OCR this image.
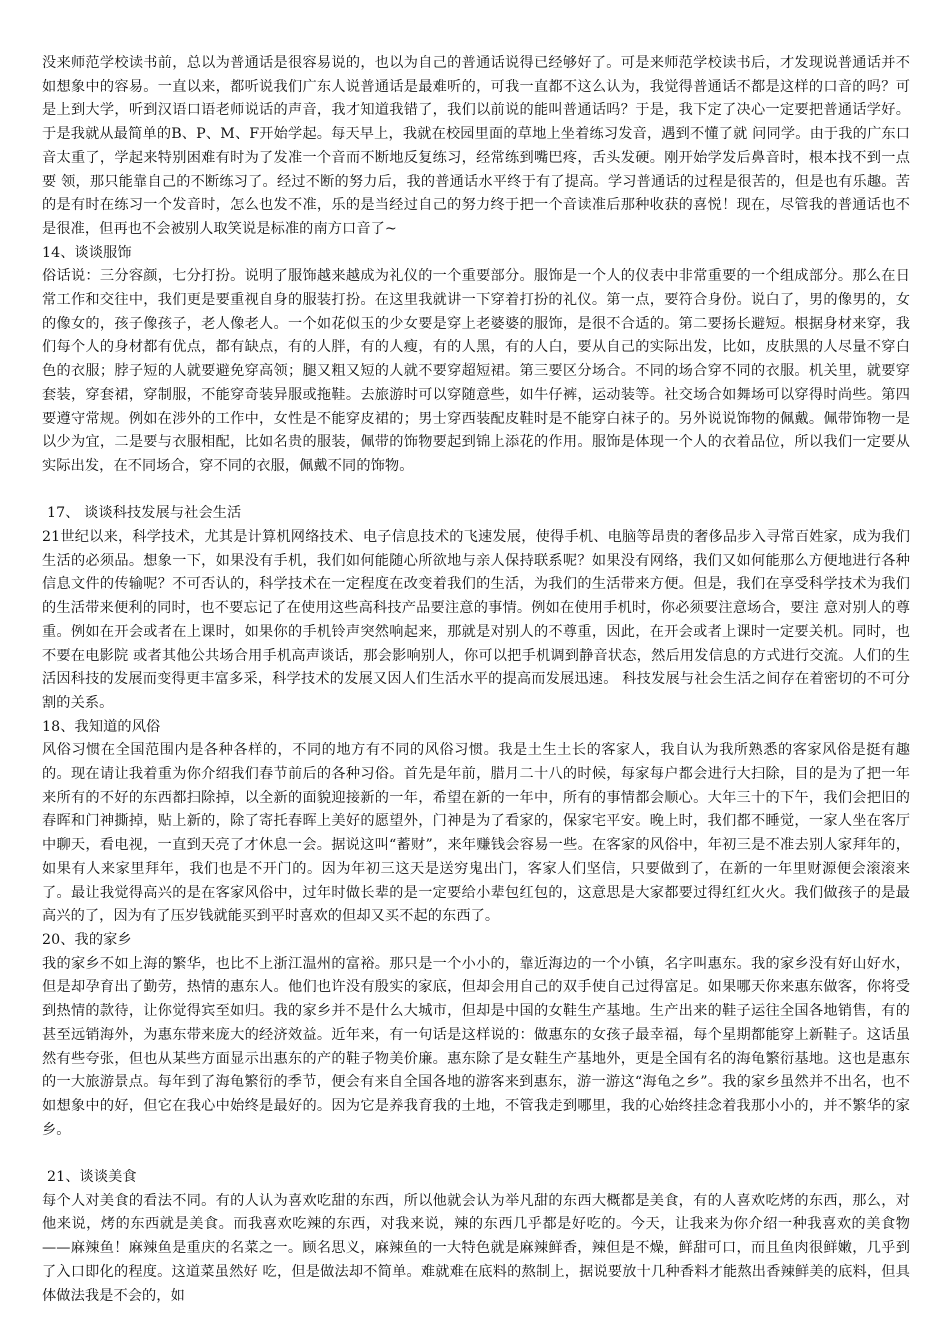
没来师范学校读书前，总以为普通话是很容易说的，也以为自己的普通话说得已经够好了。可是来师范学校读书后，才发现说普通话并不如想象中的容易。一直以来，都听说我们广东人说普通话是最难听的，可我一直都不这么认为，我觉得普通话不都是这样的口音的吗？可是上到大学，听到汉语口语老师说话的声音，我才知道我错了，我们以前说的能叫普通话吗？于是，我下定了决心一定要把普通话学好。于是我就从最简单的B、P、M、F开始学起。每天早上，我就在校园里面的草地上坐着练习发音，遇到不懂了就 问同学。由于我的广东口音太重了，学起来特别困难有时为了发准一个音而不断地反复练习，经常练到嘴巴疼，舌头发硬。刚开始学发后鼻音时，根本找不到一点要 领，那只能靠自己的不断练习了。经过不断的努力后，我的普通话水平终于有了提高。学习普通话的过程是很苦的，但是也有乐趣。苦的是有时在练习一个发音时，怎么也发不准，乐的是当经过自己的努力终于把一个音读准后那种收获的喜悦！现在，尽管我的普通话也不是很准，但再也不会被别人取笑说是标准的南方口音了~

14、谈谈服饰

俗话说：三分容颜，七分打扮。说明了服饰越来越成为礼仪的一个重要部分。服饰是一个人的仪表中非常重要的一个组成部分。那么在日常工作和交往中，我们更是要重视自身的服装打扮。在这里我就讲一下穿着打扮的礼仪。第一点，要符合身份。说白了，男的像男的，女的像女的，孩子像孩子，老人像老人。一个如花似玉的少女要是穿上老婆婆的服饰，是很不合适的。第二要扬长避短。根据身材来穿，我们每个人的身材都有优点，都有缺点，有的人胖，有的人瘦，有的人黑，有的人白，要从自己的实际出发，比如，皮肤黑的人尽量不穿白色的衣服；脖子短的人就要避免穿高领；腿又粗又短的人就不要穿超短裙。第三要区分场合。不同的场合穿不同的衣服。机关里，就要穿套装，穿套裙，穿制服，不能穿奇装异服或拖鞋。去旅游时可以穿随意些，如牛仔裤，运动装等。社交场合如舞场可以穿得时尚些。第四要遵守常规。例如在涉外的工作中，女性是不能穿皮裙的；男士穿西装配皮鞋时是不能穿白袜子的。另外说说饰物的佩戴。佩带饰物一是以少为宜，二是要与衣服相配，比如名贵的服装，佩带的饰物要起到锦上添花的作用。服饰是体现一个人的衣着品位，所以我们一定要从实际出发，在不同场合，穿不同的衣服，佩戴不同的饰物。

17、 谈谈科技发展与社会生活

21世纪以来，科学技术，尤其是计算机网络技术、电子信息技术的飞速发展，使得手机、电脑等昂贵的奢侈品步入寻常百姓家，成为我们生活的必须品。想象一下，如果没有手机，我们如何能随心所欲地与亲人保持联系呢？如果没有网络，我们又如何能那么方便地进行各种信息文件的传输呢？不可否认的，科学技术在一定程度在改变着我们的生活，为我们的生活带来方便。但是，我们在享受科学技术为我们的生活带来便利的同时，也不要忘记了在使用这些高科技产品要注意的事情。例如在使用手机时，你必须要注意场合，要注 意对别人的尊重。例如在开会或者在上课时，如果你的手机铃声突然响起来，那就是对别人的不尊重，因此，在开会或者上课时一定要关机。同时，也不要在电影院 或者其他公共场合用手机高声谈话，那会影响别人，你可以把手机调到静音状态，然后用发信息的方式进行交流。人们的生活因科技的发展而变得更丰富多采，科学技术的发展又因人们生活水平的提高而发展迅速。 科技发展与社会生活之间存在着密切的不可分割的关系。

18、我知道的风俗

风俗习惯在全国范围内是各种各样的，不同的地方有不同的风俗习惯。我是土生土长的客家人，我自认为我所熟悉的客家风俗是挺有趣的。现在请让我着重为你介绍我们春节前后的各种习俗。首先是年前，腊月二十八的时候，每家每户都会进行大扫除，目的是为了把一年来所有的不好的东西都扫除掉，以全新的面貌迎接新的一年，希望在新的一年中，所有的事情都会顺心。大年三十的下午，我们会把旧的春晖和门神撕掉，贴上新的，除了寄托春晖上美好的愿望外，门神是为了看家的，保家宅平安。晚上时，我们都不睡觉，一家人坐在客厅中聊天，看电视，一直到天亮了才休息一会。据说这叫“蓄财”，来年赚钱会容易一些。在客家的风俗中，年初三是不准去别人家拜年的，如果有人来家里拜年，我们也是不开门的。因为年初三这天是送穷鬼出门，客家人们坚信，只要做到了，在新的一年里财源便会滚滚来了。最让我觉得高兴的是在客家风俗中，过年时做长辈的是一定要给小辈包红包的，这意思是大家都要过得红红火火。我们做孩子的是最高兴的了，因为有了压岁钱就能买到平时喜欢的但却又买不起的东西了。

20、我的家乡

我的家乡不如上海的繁华，也比不上浙江温州的富裕。那只是一个小小的，靠近海边的一个小镇，名字叫惠东。我的家乡没有好山好水，但是却孕育出了勤劳，热情的惠东人。他们也许没有殷实的家底，但却会用自己的双手使自己过得富足。如果哪天你来惠东做客，你将受到热情的款待，让你觉得宾至如归。我的家乡并不是什么大城市，但却是中国的女鞋生产基地。生产出来的鞋子运往全国各地销售，有的甚至远销海外，为惠东带来庞大的经济效益。近年来，有一句话是这样说的：做惠东的女孩子最幸福，每个星期都能穿上新鞋子。这话虽然有些夸张，但也从某些方面显示出惠东的产的鞋子物美价廉。惠东除了是女鞋生产基地外，更是全国有名的海龟繁衍基地。这也是惠东的一大旅游景点。每年到了海龟繁衍的季节，便会有来自全国各地的游客来到惠东，游一游这“海龟之乡”。我的家乡虽然并不出名，也不如想象中的好，但它在我心中始终是最好的。因为它是养我育我的土地，不管我走到哪里，我的心始终挂念着我那小小的，并不繁华的家乡。

21、谈谈美食

每个人对美食的看法不同。有的人认为喜欢吃甜的东西，所以他就会认为举凡甜的东西大概都是美食，有的人喜欢吃烤的东西，那么，对他来说，烤的东西就是美食。而我喜欢吃辣的东西，对我来说，辣的东西几乎都是好吃的。今天，让我来为你介绍一种我喜欢的美食物——麻辣鱼！麻辣鱼是重庆的名菜之一。顾名思义，麻辣鱼的一大特色就是麻辣鲜香，辣但是不燥，鲜甜可口，而且鱼肉很鲜嫩，几乎到了入口即化的程度。这道菜虽然好 吃，但是做法却不简单。难就难在底料的熬制上，据说要放十几种香料才能熬出香辣鲜美的底料，但具体做法我是不会的，如
